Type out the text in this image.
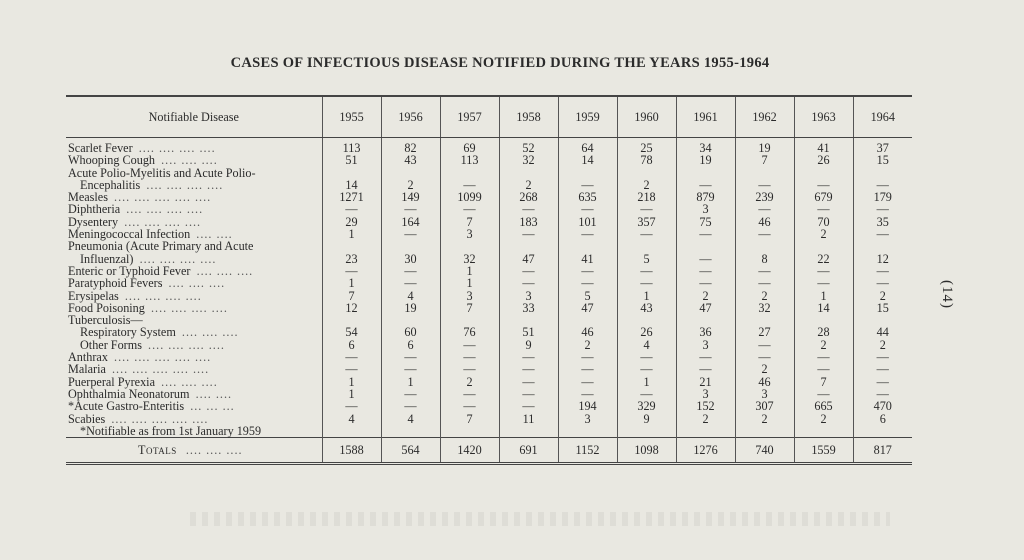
CASES OF INFECTIOUS DISEASE NOTIFIED DURING THE YEARS 1955-1964
(14)
Notifiable Disease	1955	1956	1957	1958	1959	1960	1961	1962	1963	1964
Scarlet Fever .... .... .... ....	113	82	69	52	64	25	34	19	41	37
Whooping Cough .... .... ....	51	43	113	32	14	78	19	7	26	15
Acute Polio-Myelitis and Acute Polio-										
Encephalitis .... .... .... ....	14	2	—	2	—	2	—	—	—	—
Measles .... .... .... .... ....	1271	149	1099	268	635	218	879	239	679	179
Diphtheria .... .... .... ....	—	—	—	—	—	—	3	—	—	—
Dysentery .... .... .... ....	29	164	7	183	101	357	75	46	70	35
Meningococcal Infection .... ....	1	—	3	—	—	—	—	—	2	—
Pneumonia (Acute Primary and Acute										
Influenzal) .... .... .... ....	23	30	32	47	41	5	—	8	22	12
Enteric or Typhoid Fever .... .... ....	—	—	1	—	—	—	—	—	—	—
Paratyphoid Fevers .... .... ....	1	—	1	—	—	—	—	—	—	—
Erysipelas .... .... .... ....	7	4	3	3	5	1	2	2	1	2
Food Poisoning .... .... .... ....	12	19	7	33	47	43	47	32	14	15
Tuberculosis—										
Respiratory System .... .... ....	54	60	76	51	46	26	36	27	28	44
Other Forms .... .... .... ....	6	6	—	9	2	4	3	—	2	2
Anthrax .... .... .... .... ....	—	—	—	—	—	—	—	—	—	—
Malaria .... .... .... .... ....	—	—	—	—	—	—	—	2	—	—
Puerperal Pyrexia .... .... ....	1	1	2	—	—	1	21	46	7	—
Ophthalmia Neonatorum .... ....	1	—	—	—	—	—	3	3	—	—
*Acute Gastro-Enteritis ... ... ...	—	—	—	—	194	329	152	307	665	470
Scabies .... .... .... .... ....	4	4	7	11	3	9	2	2	2	6
*Notifiable as from 1st January 1959										
Totals .... .... ....	1588	564	1420	691	1152	1098	1276	740	1559	817
